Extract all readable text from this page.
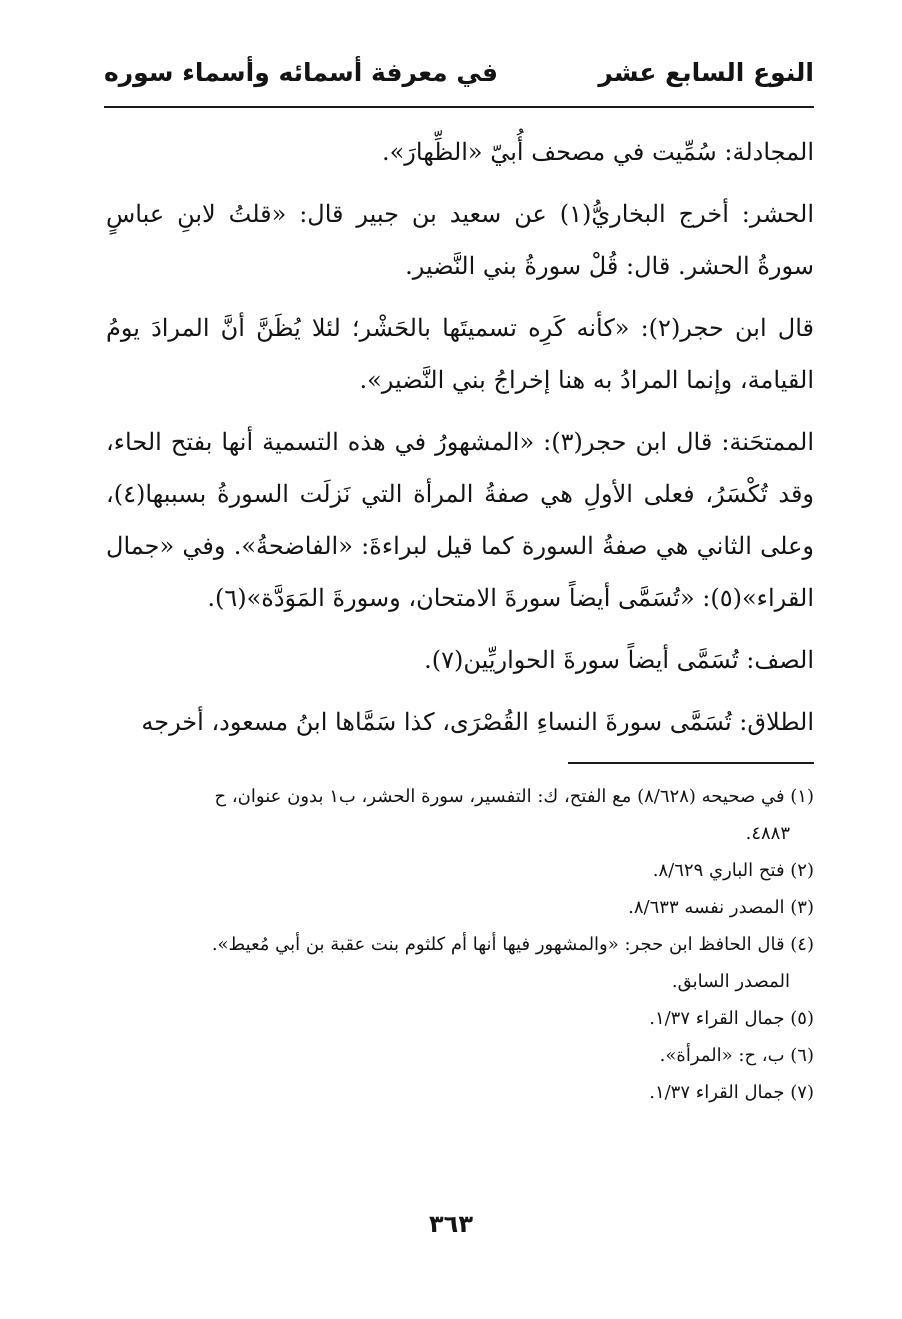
النوع السابع عشر
في معرفة أسمائه وأسماء سوره

المجادلة: سُمِّيت في مصحف أُبيّ «الظِّهارَ».

الحشر: أخرج البخاريُّ(١) عن سعيد بن جبير قال: «قلتُ لابنِ عباسٍ سورةُ الحشر. قال: قُلْ سورةُ بني النَّضير.

قال ابن حجر(٢): «كأنه كَرِه تسميتَها بالحَشْر؛ لئلا يُظَنَّ أنَّ المرادَ يومُ القيامة، وإنما المرادُ به هنا إخراجُ بني النَّضير».

الممتحَنة: قال ابن حجر(٣): «المشهورُ في هذه التسمية أنها بفتح الحاء، وقد تُكْسَرُ، فعلى الأولِ هي صفةُ المرأة التي نَزلَت السورةُ بسببها(٤)، وعلى الثاني هي صفةُ السورة كما قيل لبراءةَ: «الفاضحةُ». وفي «جمال القراء»(٥): «تُسَمَّى أيضاً سورةَ الامتحان، وسورةَ المَوَدَّة»(٦).

الصف: تُسَمَّى أيضاً سورةَ الحواريِّين(٧).

الطلاق: تُسَمَّى سورةَ النساءِ القُصْرَى، كذا سَمَّاها ابنُ مسعود، أخرجه

(١) في صحيحه (٨/٦٢٨) مع الفتح، ك: التفسير، سورة الحشر، ب١ بدون عنوان، ح

٤٨٨٣.

(٢) فتح الباري ٨/٦٢٩.

(٣) المصدر نفسه ٨/٦٣٣.

(٤) قال الحافظ ابن حجر: «والمشهور فيها أنها أم كلثوم بنت عقبة بن أبي مُعيط».

المصدر السابق.

(٥) جمال القراء ١/٣٧.

(٦) ب، ح: «المرأة».

(٧) جمال القراء ١/٣٧.

٣٦٣
